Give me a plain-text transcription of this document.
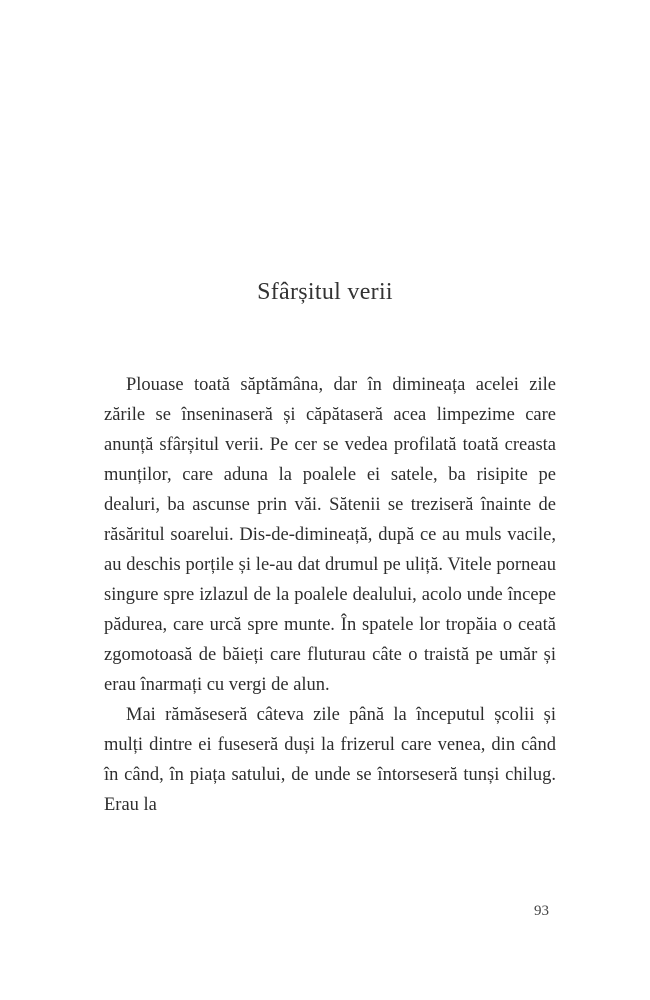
Sfârșitul verii

Plouase toată săptămâna, dar în dimineața acelei zile zările se înseninaseră și căpătaseră acea limpezime care anunță sfârșitul verii. Pe cer se vedea profilată toată creasta munților, care aduna la poalele ei satele, ba risipite pe dealuri, ba ascunse prin văi. Sătenii se treziseră înainte de răsăritul soarelui. Dis-de-dimineață, după ce au muls vacile, au deschis porțile și le-au dat drumul pe uliță. Vitele porneau singure spre izlazul de la poalele dealului, acolo unde începe pădurea, care urcă spre munte. În spatele lor tropăia o ceată zgomotoasă de băieți care fluturau câte o traistă pe umăr și erau înarmați cu vergi de alun.

Mai rămăseseră câteva zile până la începutul școlii și mulți dintre ei fuseseră duși la frizerul care venea, din când în când, în piața satului, de unde se întorseseră tunși chilug. Erau la

93
